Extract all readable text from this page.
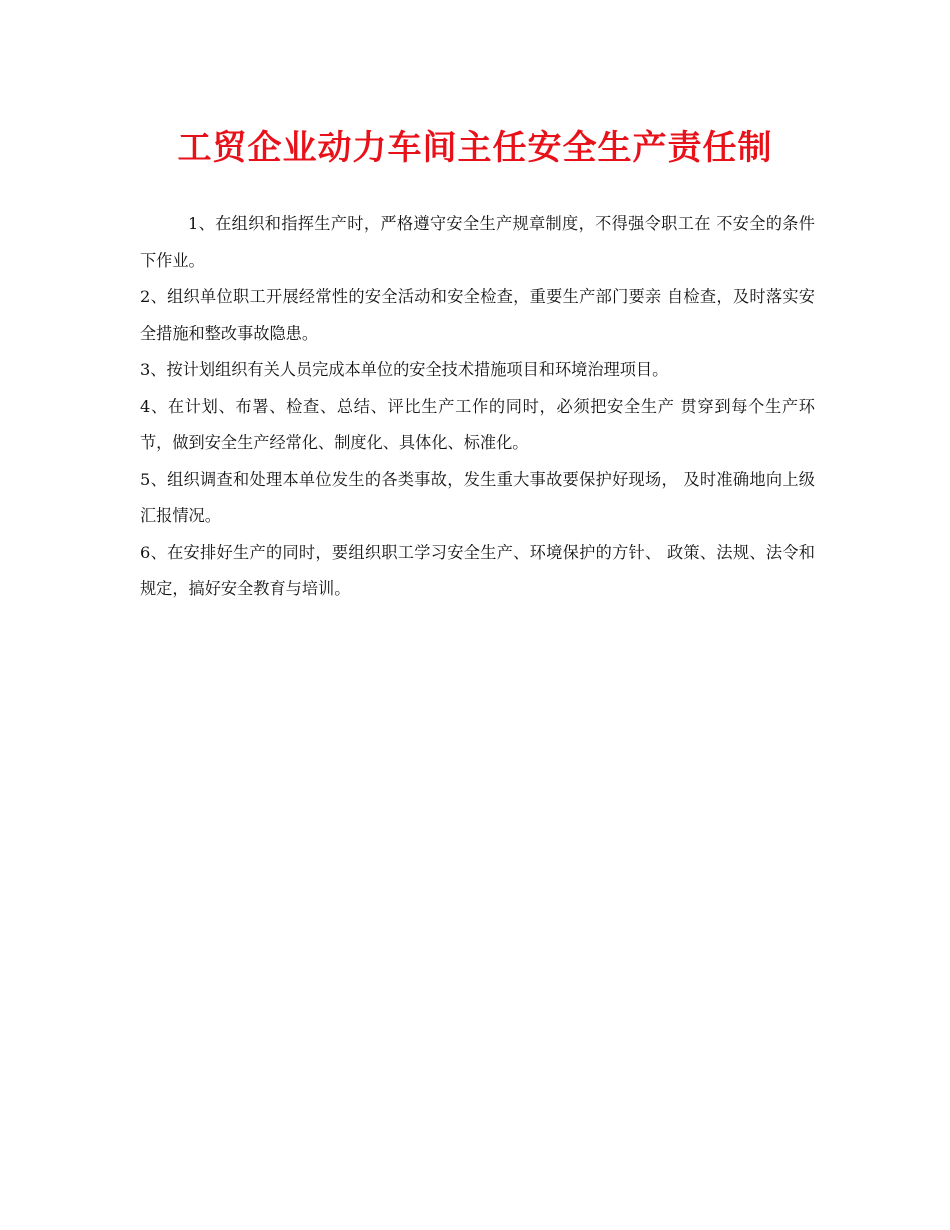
工贸企业动力车间主任安全生产责任制

1、在组织和指挥生产时，严格遵守安全生产规章制度，不得强令职工在 不安全的条件下作业。

2、组织单位职工开展经常性的安全活动和安全检查，重要生产部门要亲 自检查，及时落实安全措施和整改事故隐患。

3、按计划组织有关人员完成本单位的安全技术措施项目和环境治理项目。

4、在计划、布署、检查、总结、评比生产工作的同时，必须把安全生产 贯穿到每个生产环节，做到安全生产经常化、制度化、具体化、标准化。

5、组织调查和处理本单位发生的各类事故，发生重大事故要保护好现场， 及时准确地向上级汇报情况。

6、在安排好生产的同时，要组织职工学习安全生产、环境保护的方针、 政策、法规、法令和规定，搞好安全教育与培训。
